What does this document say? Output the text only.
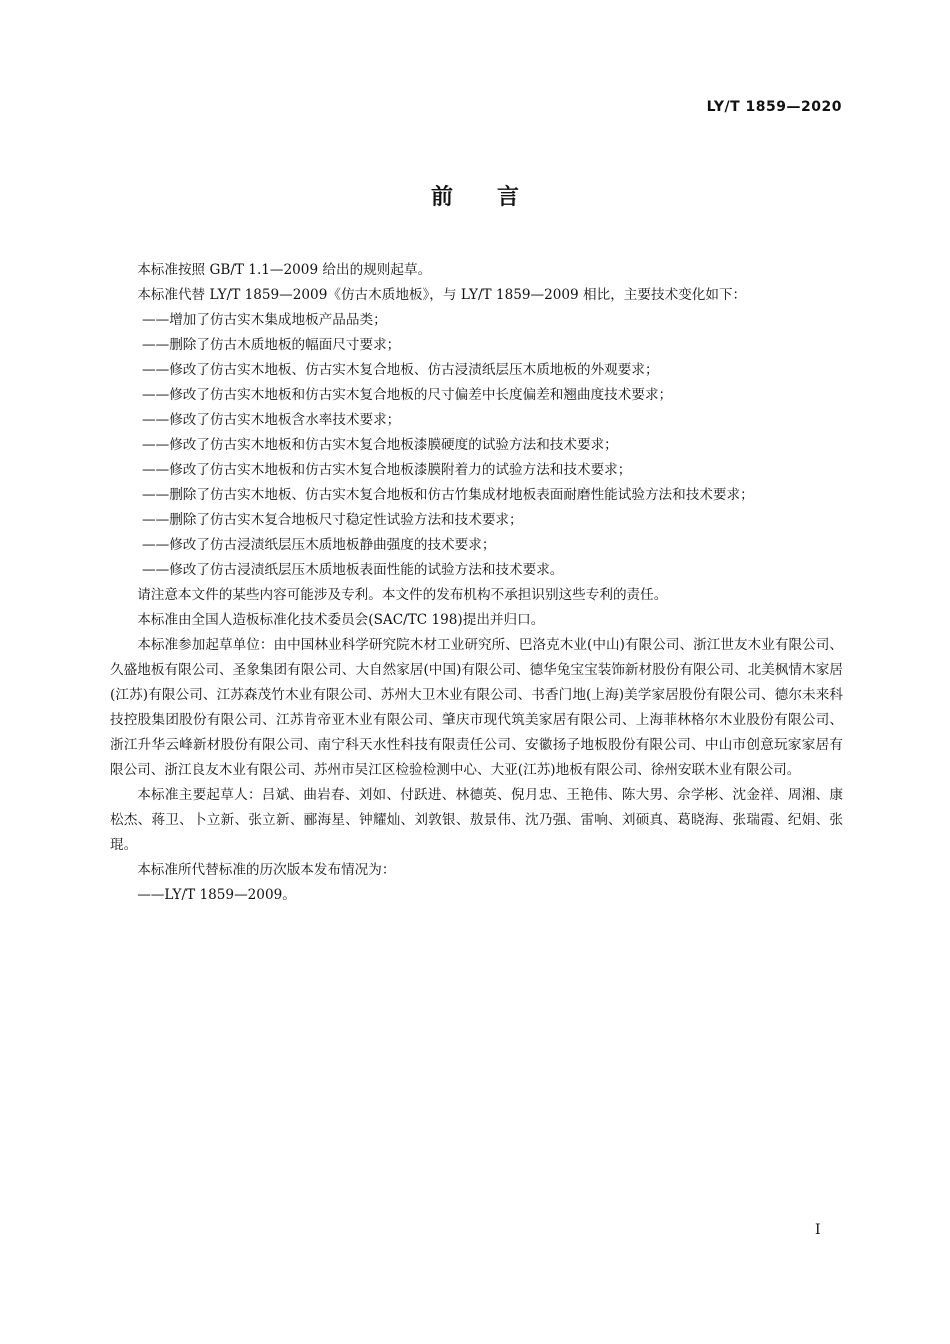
LY/T 1859—2020
前言

本标准按照 GB/T 1.1—2009 给出的规则起草。

本标准代替 LY/T 1859—2009《仿古木质地板》，与 LY/T 1859—2009 相比，主要技术变化如下：

——增加了仿古实木集成地板产品品类；

——删除了仿古木质地板的幅面尺寸要求；

——修改了仿古实木地板、仿古实木复合地板、仿古浸渍纸层压木质地板的外观要求；

——修改了仿古实木地板和仿古实木复合地板的尺寸偏差中长度偏差和翘曲度技术要求；

——修改了仿古实木地板含水率技术要求；

——修改了仿古实木地板和仿古实木复合地板漆膜硬度的试验方法和技术要求；

——修改了仿古实木地板和仿古实木复合地板漆膜附着力的试验方法和技术要求；

——删除了仿古实木地板、仿古实木复合地板和仿古竹集成材地板表面耐磨性能试验方法和技术要求；

——删除了仿古实木复合地板尺寸稳定性试验方法和技术要求；

——修改了仿古浸渍纸层压木质地板静曲强度的技术要求；

——修改了仿古浸渍纸层压木质地板表面性能的试验方法和技术要求。

请注意本文件的某些内容可能涉及专利。本文件的发布机构不承担识别这些专利的责任。

本标准由全国人造板标准化技术委员会(SAC/TC 198)提出并归口。

本标准参加起草单位：由中国林业科学研究院木材工业研究所、巴洛克木业(中山)有限公司、浙江世友木业有限公司、久盛地板有限公司、圣象集团有限公司、大自然家居(中国)有限公司、德华兔宝宝装饰新材股份有限公司、北美枫情木家居(江苏)有限公司、江苏森茂竹木业有限公司、苏州大卫木业有限公司、书香门地(上海)美学家居股份有限公司、德尔未来科技控股集团股份有限公司、江苏肯帝亚木业有限公司、肇庆市现代筑美家居有限公司、上海菲林格尔木业股份有限公司、浙江升华云峰新材股份有限公司、南宁科天水性科技有限责任公司、安徽扬子地板股份有限公司、中山市创意玩家家居有限公司、浙江良友木业有限公司、苏州市吴江区检验检测中心、大亚(江苏)地板有限公司、徐州安联木业有限公司。

本标准主要起草人：吕斌、曲岩春、刘如、付跃进、林德英、倪月忠、王艳伟、陈大男、佘学彬、沈金祥、周湘、康松杰、蒋卫、卜立新、张立新、郦海星、钟耀灿、刘敦银、敖景伟、沈乃强、雷响、刘硕真、葛晓海、张瑞霞、纪娟、张琨。

本标准所代替标准的历次版本发布情况为：

——LY/T 1859—2009。

I
